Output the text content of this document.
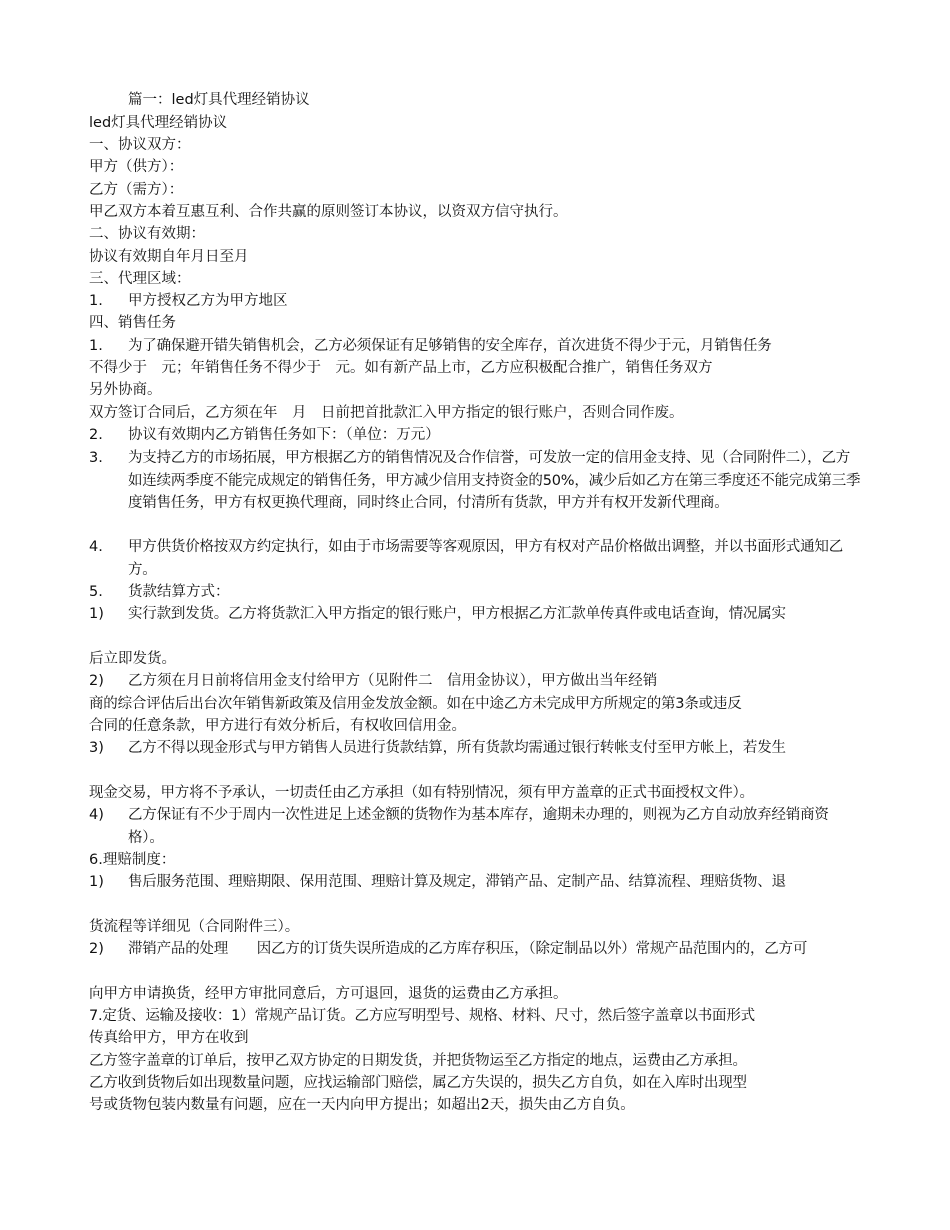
篇一：led灯具代理经销协议
led灯具代理经销协议
一、协议双方：
甲方（供方）：
乙方（需方）：
甲乙双方本着互惠互利、合作共赢的原则签订本协议，以资双方信守执行。
二、协议有效期：
协议有效期自年月日至月
三、代理区域：
1. 甲方授权乙方为甲方地区
四、销售任务
1. 为了确保避开错失销售机会，乙方必须保证有足够销售的安全库存，首次进货不得少于元，月销售任务
不得少于　元；年销售任务不得少于　元。如有新产品上市，乙方应积极配合推广，销售任务双方
另外协商。
双方签订合同后，乙方须在年　月　日前把首批款汇入甲方指定的银行账户，否则合同作废。
2. 协议有效期内乙方销售任务如下：（单位：万元）
3. 为支持乙方的市场拓展，甲方根据乙方的销售情况及合作信誉，可发放一定的信用金支持、见（合同附件二），乙方如连续两季度不能完成规定的销售任务，甲方减少信用支持资金的50%，减少后如乙方在第三季度还不能完成第三季度销售任务，甲方有权更换代理商，同时终止合同，付清所有货款，甲方并有权开发新代理商。
4. 甲方供货价格按双方约定执行，如由于市场需要等客观原因，甲方有权对产品价格做出调整，并以书面形式通知乙方。
5. 货款结算方式：
1) 实行款到发货。乙方将货款汇入甲方指定的银行账户，甲方根据乙方汇款单传真件或电话查询，情况属实
后立即发货。
2) 乙方须在月日前将信用金支付给甲方（见附件二　信用金协议），甲方做出当年经销
商的综合评估后出台次年销售新政策及信用金发放金额。如在中途乙方未完成甲方所规定的第3条或违反
合同的任意条款，甲方进行有效分析后，有权收回信用金。
3) 乙方不得以现金形式与甲方销售人员进行货款结算，所有货款均需通过银行转帐支付至甲方帐上，若发生
现金交易，甲方将不予承认，一切责任由乙方承担（如有特别情况，须有甲方盖章的正式书面授权文件）。
4) 乙方保证有不少于周内一次性进足上述金额的货物作为基本库存，逾期未办理的，则视为乙方自动放弃经销商资格）。
6.理赔制度：
1) 售后服务范围、理赔期限、保用范围、理赔计算及规定，滞销产品、定制产品、结算流程、理赔货物、退
货流程等详细见（合同附件三）。
2) 滞销产品的处理　　因乙方的订货失误所造成的乙方库存积压，（除定制品以外）常规产品范围内的，乙方可
向甲方申请换货，经甲方审批同意后，方可退回，退货的运费由乙方承担。
7.定货、运输及接收：1）常规产品订货。乙方应写明型号、规格、材料、尺寸，然后签字盖章以书面形式
传真给甲方，甲方在收到
乙方签字盖章的订单后，按甲乙双方协定的日期发货，并把货物运至乙方指定的地点，运费由乙方承担。
乙方收到货物后如出现数量问题，应找运输部门赔偿，属乙方失误的，损失乙方自负，如在入库时出现型
号或货物包装内数量有问题，应在一天内向甲方提出；如超出2天，损失由乙方自负。
